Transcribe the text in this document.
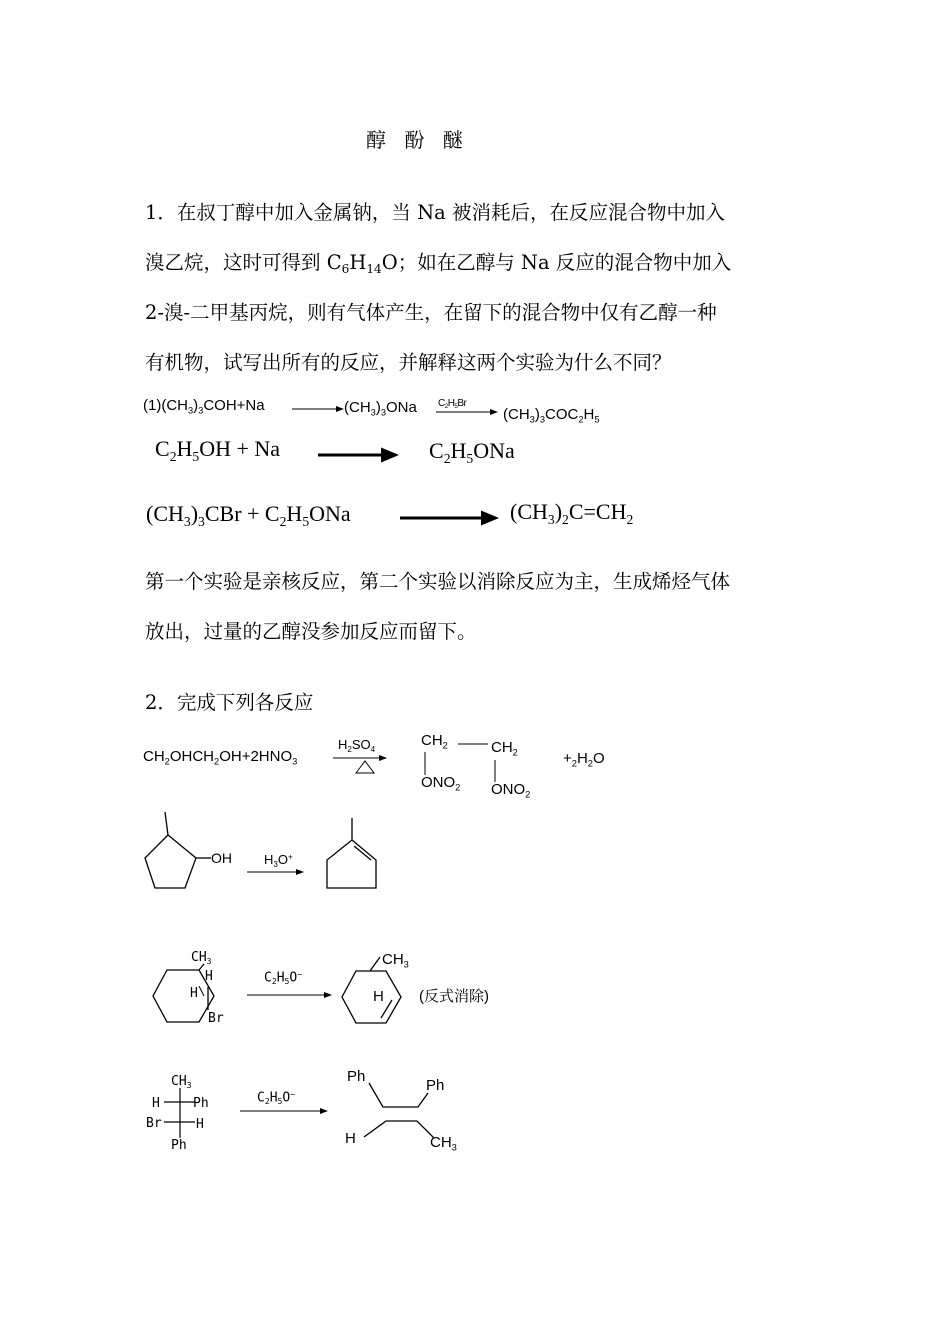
醇 酚 醚
1．在叔丁醇中加入金属钠，当 Na 被消耗后，在反应混合物中加入
溴乙烷，这时可得到 $C_6H_{14}O$；如在乙醇与 Na 反应的混合物中加入
2-溴-二甲基丙烷，则有气体产生，在留下的混合物中仅有乙醇一种
有机物，试写出所有的反应，并解释这两个实验为什么不同？
$(1)(CH_3)_3COH+Na$	$(CH_3)_3ONa$ $C_2H_5Br$
$(CH_3)_3COC_2H_5$
$C_2H_5OH + Na$	$C_2H_5ONa$
$(CH_3)_3CBr + C_2H_5ONa$	$(CH_3)_2C=CH_2$
第一个实验是亲核反应，第二个实验以消除反应为主，生成烯烃气体
放出，过量的乙醇没参加反应而留下。
2．完成下列各反应
$CH_2OHCH_2OH+2HNO_3$
$H_2SO_4$
$CH_2$	$CH_2$
$ONO_2$ $ONO_2$
$+_2H_2O$
OH $H_3O^+$
$CH_3$
H
H
Br
$C_2H_5O^-$
$CH_3$
H (反式消除)
$CH_3$
H	Ph
Br	H
Ph
$C_2H_5O^-$
Ph
Ph
H	$CH_3$
